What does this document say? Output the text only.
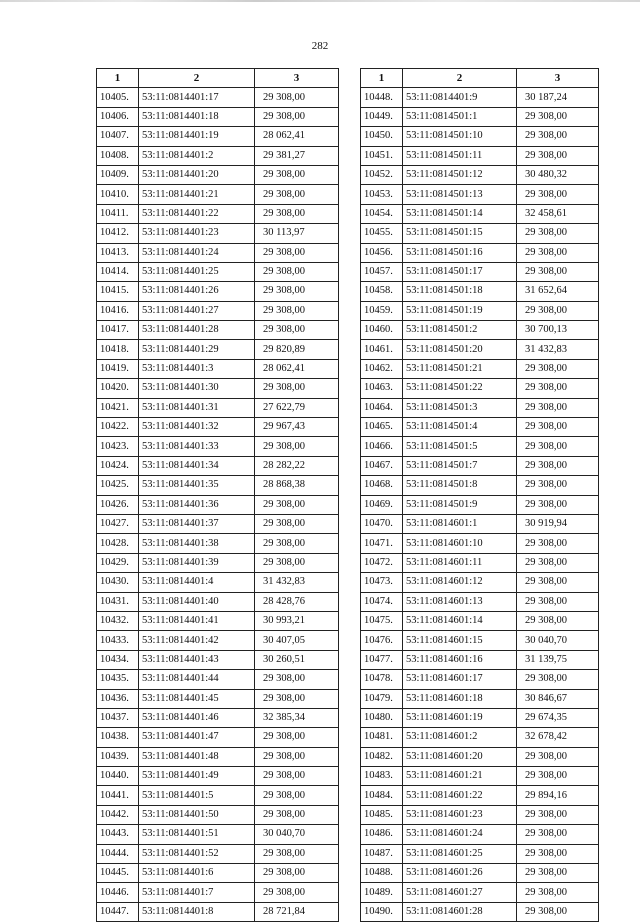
282
1	2	3
10405.	53:11:0814401:17	29 308,00
10406.	53:11:0814401:18	29 308,00
10407.	53:11:0814401:19	28 062,41
10408.	53:11:0814401:2	29 381,27
10409.	53:11:0814401:20	29 308,00
10410.	53:11:0814401:21	29 308,00
10411.	53:11:0814401:22	29 308,00
10412.	53:11:0814401:23	30 113,97
10413.	53:11:0814401:24	29 308,00
10414.	53:11:0814401:25	29 308,00
10415.	53:11:0814401:26	29 308,00
10416.	53:11:0814401:27	29 308,00
10417.	53:11:0814401:28	29 308,00
10418.	53:11:0814401:29	29 820,89
10419.	53:11:0814401:3	28 062,41
10420.	53:11:0814401:30	29 308,00
10421.	53:11:0814401:31	27 622,79
10422.	53:11:0814401:32	29 967,43
10423.	53:11:0814401:33	29 308,00
10424.	53:11:0814401:34	28 282,22
10425.	53:11:0814401:35	28 868,38
10426.	53:11:0814401:36	29 308,00
10427.	53:11:0814401:37	29 308,00
10428.	53:11:0814401:38	29 308,00
10429.	53:11:0814401:39	29 308,00
10430.	53:11:0814401:4	31 432,83
10431.	53:11:0814401:40	28 428,76
10432.	53:11:0814401:41	30 993,21
10433.	53:11:0814401:42	30 407,05
10434.	53:11:0814401:43	30 260,51
10435.	53:11:0814401:44	29 308,00
10436.	53:11:0814401:45	29 308,00
10437.	53:11:0814401:46	32 385,34
10438.	53:11:0814401:47	29 308,00
10439.	53:11:0814401:48	29 308,00
10440.	53:11:0814401:49	29 308,00
10441.	53:11:0814401:5	29 308,00
10442.	53:11:0814401:50	29 308,00
10443.	53:11:0814401:51	30 040,70
10444.	53:11:0814401:52	29 308,00
10445.	53:11:0814401:6	29 308,00
10446.	53:11:0814401:7	29 308,00
10447.	53:11:0814401:8	28 721,84
1	2	3
10448.	53:11:0814401:9	30 187,24
10449.	53:11:0814501:1	29 308,00
10450.	53:11:0814501:10	29 308,00
10451.	53:11:0814501:11	29 308,00
10452.	53:11:0814501:12	30 480,32
10453.	53:11:0814501:13	29 308,00
10454.	53:11:0814501:14	32 458,61
10455.	53:11:0814501:15	29 308,00
10456.	53:11:0814501:16	29 308,00
10457.	53:11:0814501:17	29 308,00
10458.	53:11:0814501:18	31 652,64
10459.	53:11:0814501:19	29 308,00
10460.	53:11:0814501:2	30 700,13
10461.	53:11:0814501:20	31 432,83
10462.	53:11:0814501:21	29 308,00
10463.	53:11:0814501:22	29 308,00
10464.	53:11:0814501:3	29 308,00
10465.	53:11:0814501:4	29 308,00
10466.	53:11:0814501:5	29 308,00
10467.	53:11:0814501:7	29 308,00
10468.	53:11:0814501:8	29 308,00
10469.	53:11:0814501:9	29 308,00
10470.	53:11:0814601:1	30 919,94
10471.	53:11:0814601:10	29 308,00
10472.	53:11:0814601:11	29 308,00
10473.	53:11:0814601:12	29 308,00
10474.	53:11:0814601:13	29 308,00
10475.	53:11:0814601:14	29 308,00
10476.	53:11:0814601:15	30 040,70
10477.	53:11:0814601:16	31 139,75
10478.	53:11:0814601:17	29 308,00
10479.	53:11:0814601:18	30 846,67
10480.	53:11:0814601:19	29 674,35
10481.	53:11:0814601:2	32 678,42
10482.	53:11:0814601:20	29 308,00
10483.	53:11:0814601:21	29 308,00
10484.	53:11:0814601:22	29 894,16
10485.	53:11:0814601:23	29 308,00
10486.	53:11:0814601:24	29 308,00
10487.	53:11:0814601:25	29 308,00
10488.	53:11:0814601:26	29 308,00
10489.	53:11:0814601:27	29 308,00
10490.	53:11:0814601:28	29 308,00
